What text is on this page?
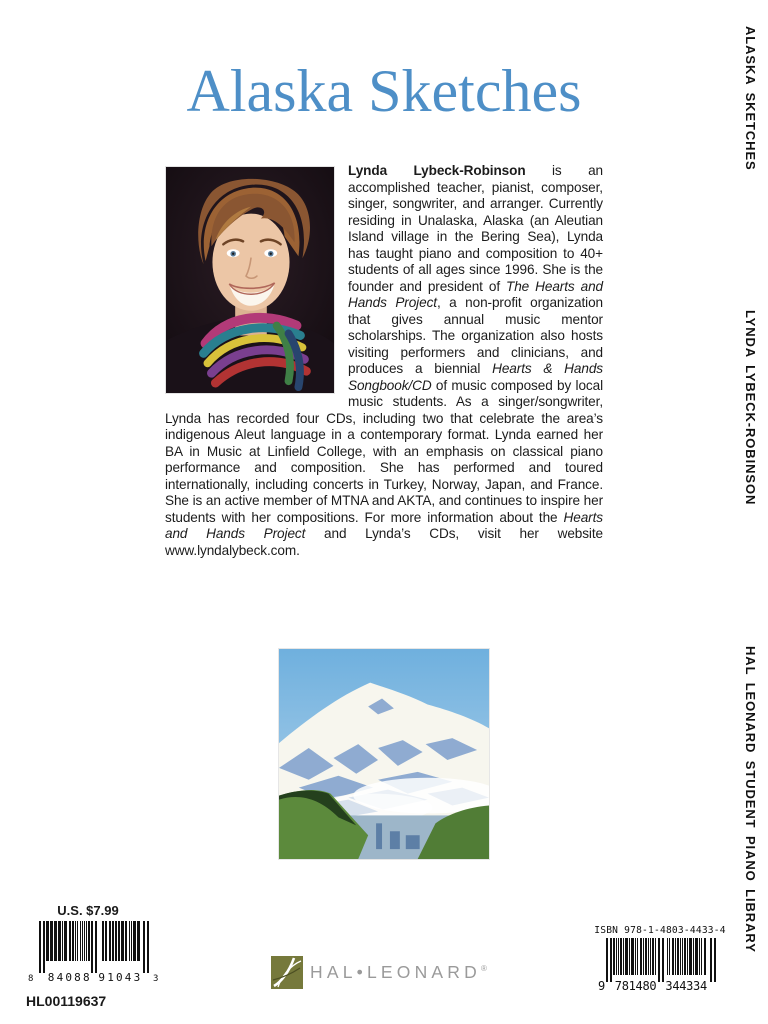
Alaska Sketches
Lynda Lybeck-Robinson is an accomplished teacher, pianist, composer, singer, songwriter, and arranger. Currently residing in Unalaska, Alaska (an Aleutian Island village in the Bering Sea), Lynda has taught piano and composition to 40+ students of all ages since 1996. She is the founder and president of The Hearts and Hands Project, a non-profit organization that gives annual music mentor scholarships. The organization also hosts visiting performers and clinicians, and produces a biennial Hearts & Hands Songbook/CD of music composed by local music students. As a singer/songwriter, Lynda has recorded four CDs, including two that celebrate the area’s indigenous Aleut language in a contemporary format. Lynda earned her BA in Music at Linfield College, with an emphasis on classical piano performance and composition. She has performed and toured internationally, including concerts in Turkey, Norway, Japan, and France. She is an active member of MTNA and AKTA, and continues to inspire her students with her compositions. For more information about the Hearts and Hands Project and Lynda’s CDs, visit her website www.lyndalybeck.com.
ALASKA SKETCHES
LYNDA LYBECK-ROBINSON
HAL LEONARD STUDENT PIANO LIBRARY
U.S. $7.99
8 84088 91043 3
HL00119637
HAL•LEONARD®
ISBN 978-1-4803-4433-4
9 781480 344334
